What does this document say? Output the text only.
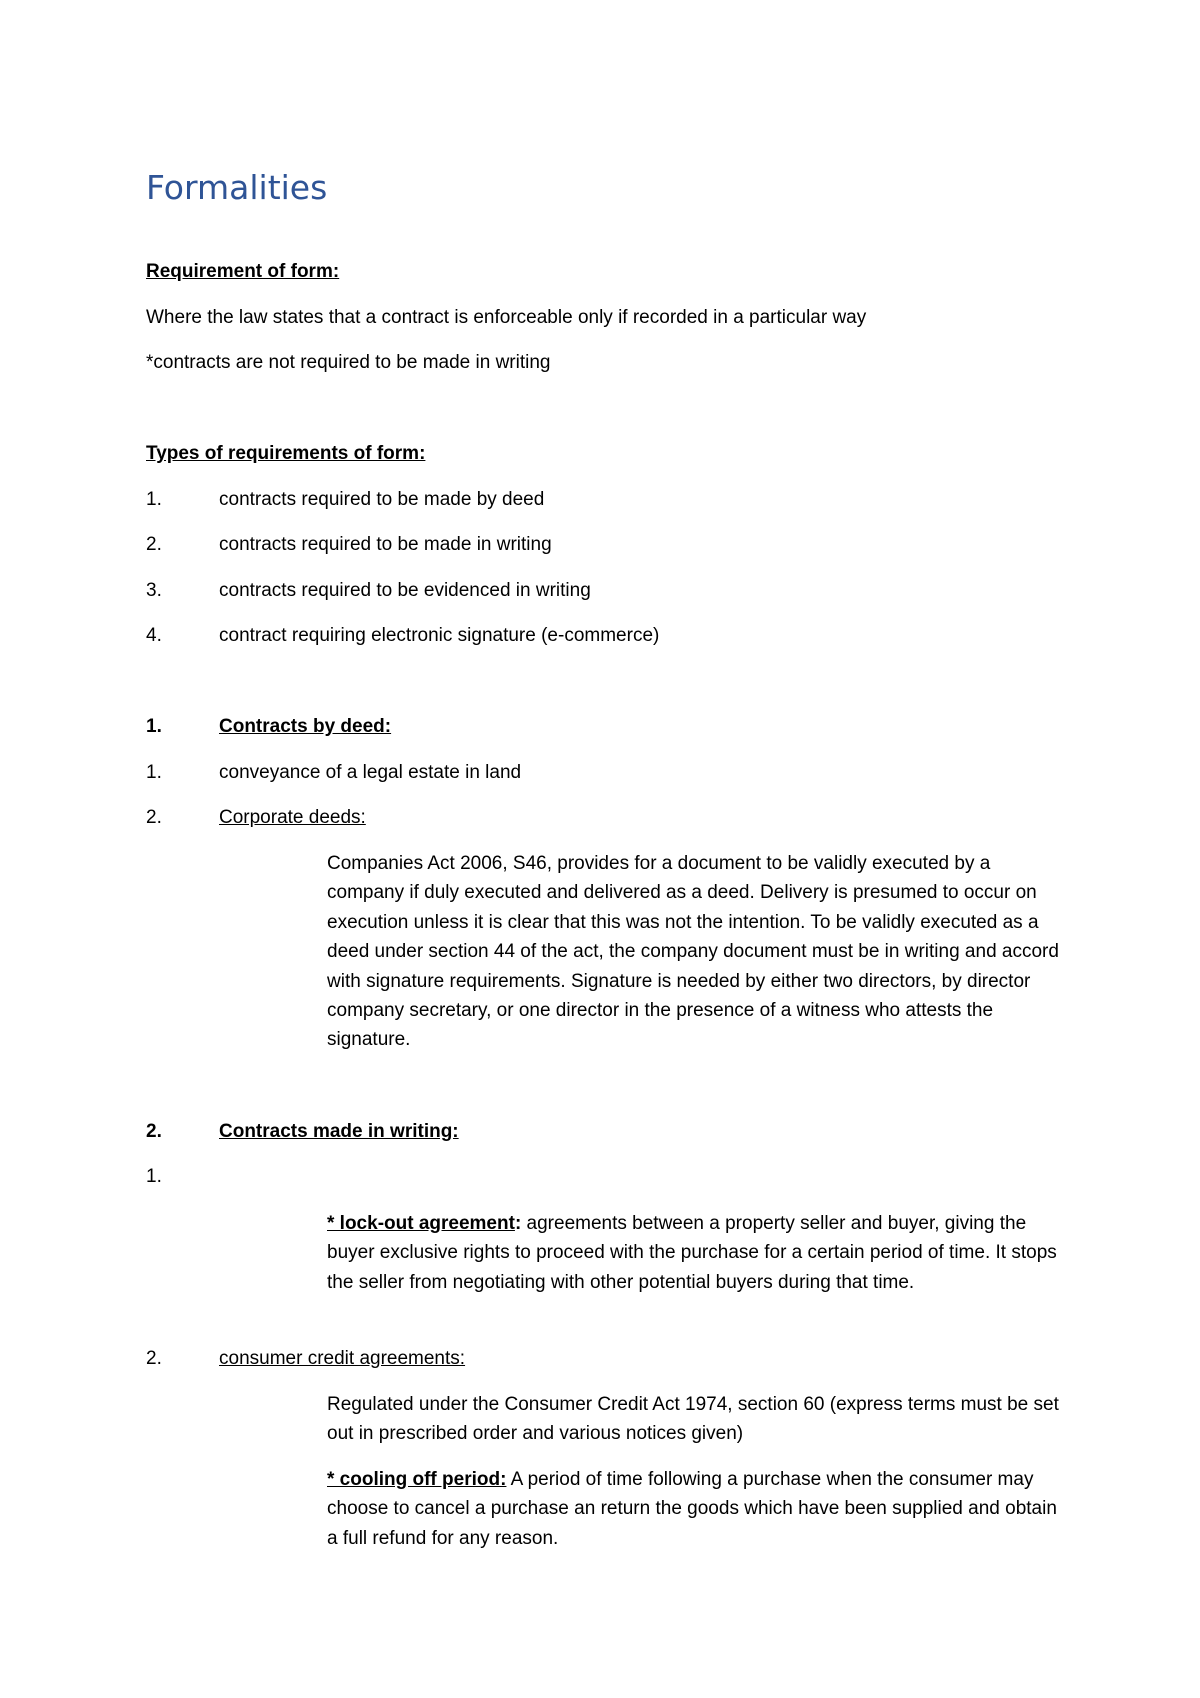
Formalities
Requirement of form:
Where the law states that a contract is enforceable only if recorded in a particular way
*contracts are not required to be made in writing
Types of requirements of form:
1.	contracts required to be made by deed
2.	contracts required to be made in writing
3.	contracts required to be evidenced in writing
4.	contract requiring electronic signature (e-commerce)
1.	Contracts by deed:
1.	conveyance of a legal estate in land
2.	Corporate deeds:
Companies Act 2006, S46, provides for a document to be validly executed by a company if duly executed and delivered as a deed. Delivery is presumed to occur on execution unless it is clear that this was not the intention. To be validly executed as a deed under section 44 of the act, the company document must be in writing and accord with signature requirements. Signature is needed by either two directors, by director company secretary, or one director in the presence of a witness who attests the signature.
2.	Contracts made in writing:
1.
* lock-out agreement: agreements between a property seller and buyer, giving the buyer exclusive rights to proceed with the purchase for a certain period of time. It stops the seller from negotiating with other potential buyers during that time.
2.	consumer credit agreements:
Regulated under the Consumer Credit Act 1974, section 60 (express terms must be set out in prescribed order and various notices given)
* cooling off period: A period of time following a purchase when the consumer may choose to cancel a purchase an return the goods which have been supplied and obtain a full refund for any reason.
